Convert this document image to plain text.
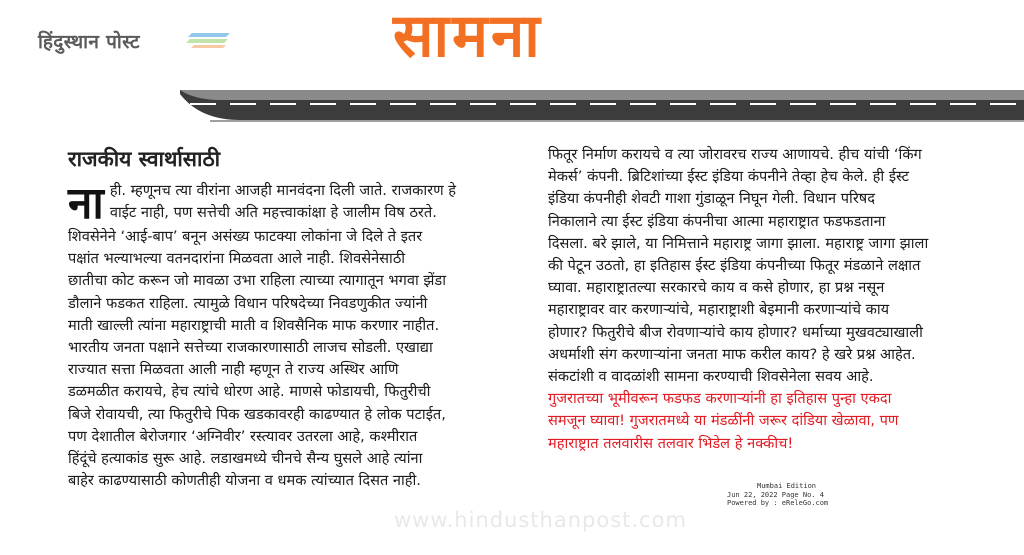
हिंदुस्थान पोस्ट	सामना
राजकीय स्वार्थासाठी
ना ही. म्हणूनच त्या वीरांना आजही मानवंदना दिली जाते. राजकारण हे
वाईट नाही, पण सत्तेची अति महत्त्वाकांक्षा हे जालीम विष ठरते.
शिवसेनेने ‘आई-बाप’ बनून असंख्य फाटक्या लोकांना जे दिले ते इतर
पक्षांत भल्याभल्या वतनदारांना मिळवता आले नाही. शिवसेनेसाठी
छातीचा कोट करून जो मावळा उभा राहिला त्याच्या त्यागातून भगवा झेंडा
डौलाने फडकत राहिला. त्यामुळे विधान परिषदेच्या निवडणुकीत ज्यांनी
माती खाल्ली त्यांना महाराष्ट्राची माती व शिवसैनिक माफ करणार नाहीत.
भारतीय जनता पक्षाने सत्तेच्या राजकारणासाठी लाजच सोडली. एखाद्या
राज्यात सत्ता मिळवता आली नाही म्हणून ते राज्य अस्थिर आणि
डळमळीत करायचे, हेच त्यांचे धोरण आहे. माणसे फोडायची, फितुरीची
बिजे रोवायची, त्या फितुरीचे पिक खडकावरही काढण्यात हे लोक पटाईत,
पण देशातील बेरोजगार ‘अग्निवीर’ रस्त्यावर उतरला आहे, कश्मीरात
हिंदूंचे हत्याकांड सुरू आहे. लडाखमध्ये चीनचे सैन्य घुसले आहे त्यांना
बाहेर काढण्यासाठी कोणतीही योजना व धमक त्यांच्यात दिसत नाही.
फितूर निर्माण करायचे व त्या जोरावरच राज्य आणायचे. हीच यांची ‘किंग
मेकर्स’ कंपनी. ब्रिटिशांच्या ईस्ट इंडिया कंपनीने तेव्हा हेच केले. ही ईस्ट
इंडिया कंपनीही शेवटी गाशा गुंडाळून निघून गेली. विधान परिषद
निकालाने त्या ईस्ट इंडिया कंपनीचा आत्मा महाराष्ट्रात फडफडताना
दिसला. बरे झाले, या निमित्ताने महाराष्ट्र जागा झाला. महाराष्ट्र जागा झाला
की पेटून उठतो, हा इतिहास ईस्ट इंडिया कंपनीच्या फितूर मंडळाने लक्षात
घ्यावा. महाराष्ट्रातल्या सरकारचे काय व कसे होणार, हा प्रश्न नसून
महाराष्ट्रावर वार करणाऱ्यांचे, महाराष्ट्राशी बेइमानी करणाऱ्यांचे काय
होणार? फितुरीचे बीज रोवणाऱ्यांचे काय होणार? धर्माच्या मुखवट्याखाली
अधर्माशी संग करणाऱ्यांना जनता माफ करील काय? हे खरे प्रश्न आहेत.
संकटांशी व वादळांशी सामना करण्याची शिवसेनेला सवय आहे.
गुजरातच्या भूमीवरून फडफड करणाऱ्यांनी हा इतिहास पुन्हा एकदा
समजून घ्यावा! गुजरातमध्ये या मंडळींनी जरूर दांडिया खेळावा, पण
महाराष्ट्रात तलवारीस तलवार भिडेल हे नक्कीच!
Mumbai Edition
Jun 22, 2022 Page No. 4
Powered by : eReleGo.com
www.hindusthanpost.com
